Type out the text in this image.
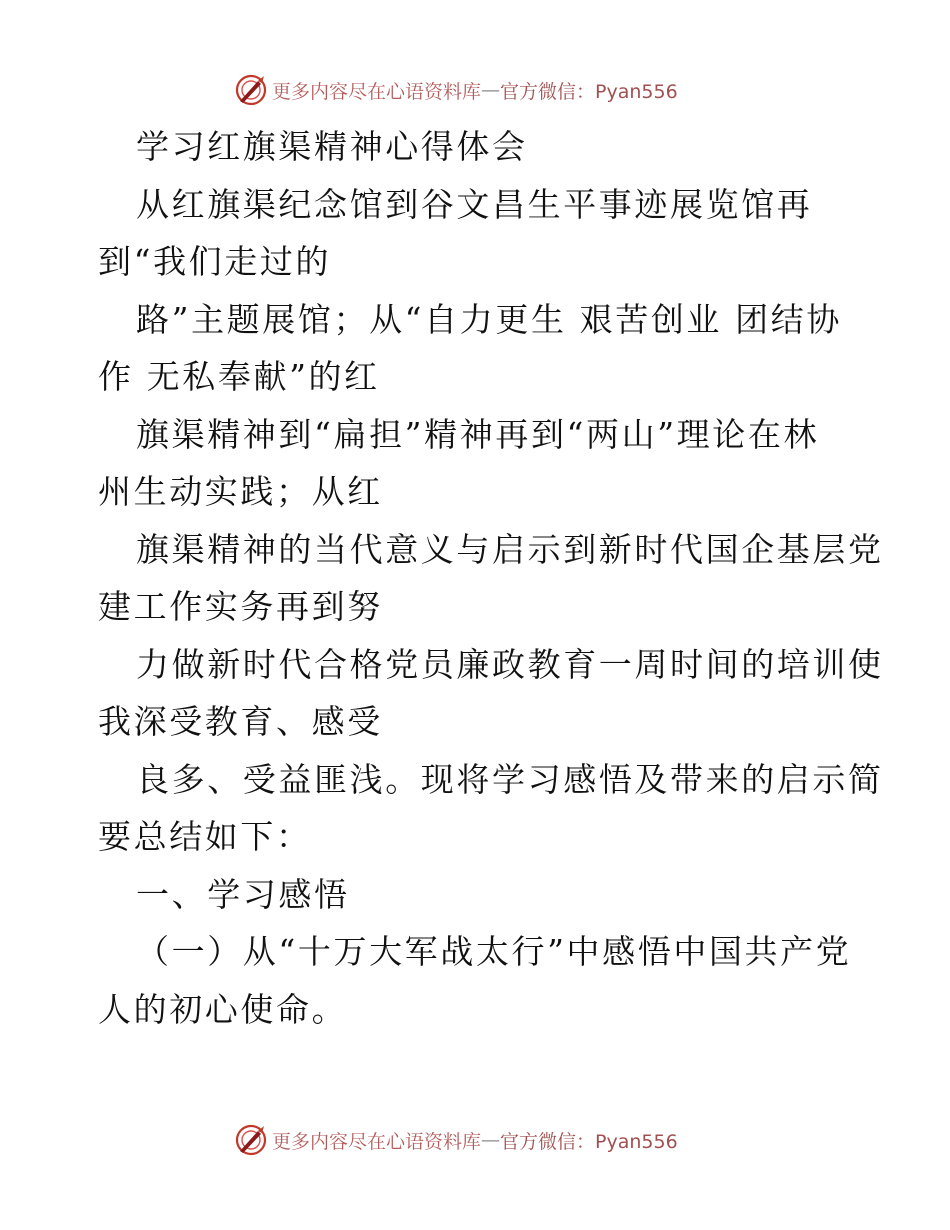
更多内容尽在心语资料库 — 官方微信：Pyan556
学习红旗渠精神心得体会
从红旗渠纪念馆到谷文昌生平事迹展览馆再
到“我们走过的
路”主题展馆；从“自力更生 艰苦创业 团结协
作 无私奉献”的红
旗渠精神到“扁担”精神再到“两山”理论在林
州生动实践；从红
旗渠精神的当代意义与启示到新时代国企基层党
建工作实务再到努
力做新时代合格党员廉政教育一周时间的培训使
我深受教育、感受
良多、受益匪浅。现将学习感悟及带来的启示简
要总结如下：
一、学习感悟
（一）从“十万大军战太行”中感悟中国共产党
人的初心使命。
更多内容尽在心语资料库 — 官方微信：Pyan556
